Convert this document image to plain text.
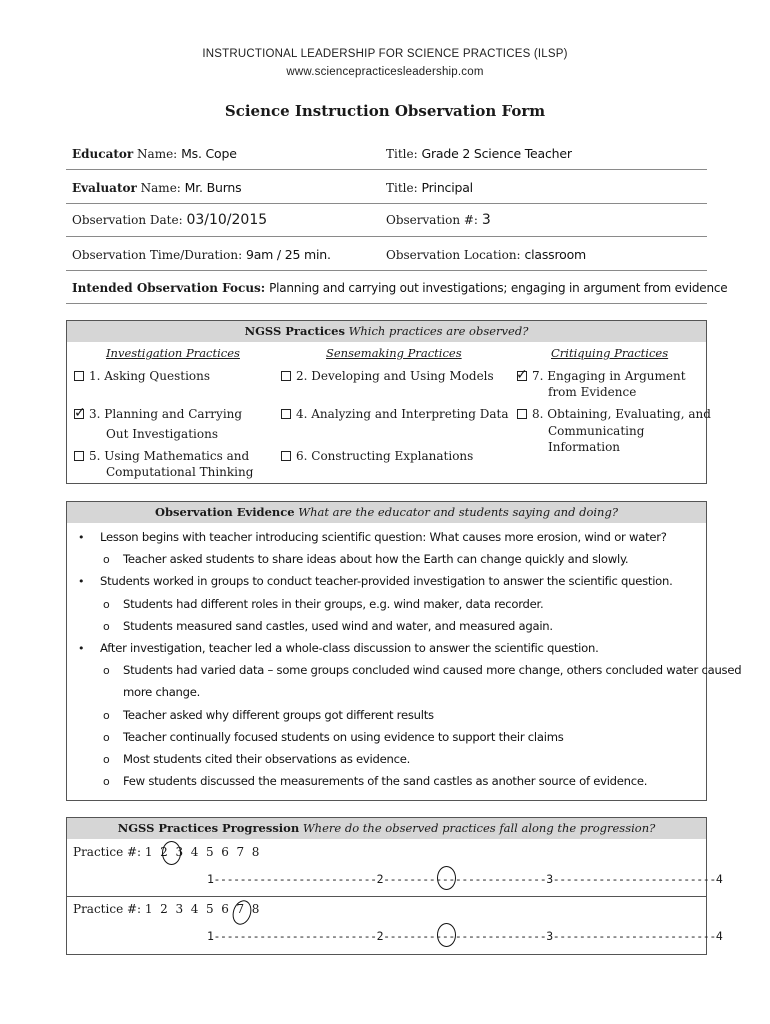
INSTRUCTIONAL LEADERSHIP FOR SCIENCE PRACTICES (ILSP)
www.sciencepracticesleadership.com
Science Instruction Observation Form
Educator Name: Ms. Cope	Title: Grade 2 Science Teacher
Evaluator Name: Mr. Burns	Title: Principal
Observation Date: 03/10/2015	Observation #: 3
Observation Time/Duration: 9am / 25 min.	Observation Location: classroom
Intended Observation Focus: Planning and carrying out investigations; engaging in argument from evidence
NGSS Practices Which practices are observed?
Investigation Practices	Sensemaking Practices	Critiquing Practices
1. Asking Questions
✓ 3. Planning and Carrying
Out Investigations
5. Using Mathematics and
Computational Thinking
2. Developing and Using Models
4. Analyzing and Interpreting Data
6. Constructing Explanations
✓ 7. Engaging in Argument
from Evidence
8. Obtaining, Evaluating, and
Communicating
Information
Observation Evidence What are the educator and students saying and doing?
• Lesson begins with teacher introducing scientific question: What causes more erosion, wind or water?
o Teacher asked students to share ideas about how the Earth can change quickly and slowly.
• Students worked in groups to conduct teacher-provided investigation to answer the scientific question.
o Students had different roles in their groups, e.g. wind maker, data recorder.
o Students measured sand castles, used wind and water, and measured again.
• After investigation, teacher led a whole-class discussion to answer the scientific question.
o Students had varied data – some groups concluded wind caused more change, others concluded water caused
more change.
o Teacher asked why different groups got different results
o Teacher continually focused students on using evidence to support their claims
o Most students cited their observations as evidence.
o Few students discussed the measurements of the sand castles as another source of evidence.
NGSS Practices Progression Where do the observed practices fall along the progression?
Practice #: 1  2  3  4  5  6  7  8
1-------------------------2-------------------------3-------------------------4
Practice #: 1  2  3  4  5  6  7  8
1-------------------------2-------------------------3-------------------------4
